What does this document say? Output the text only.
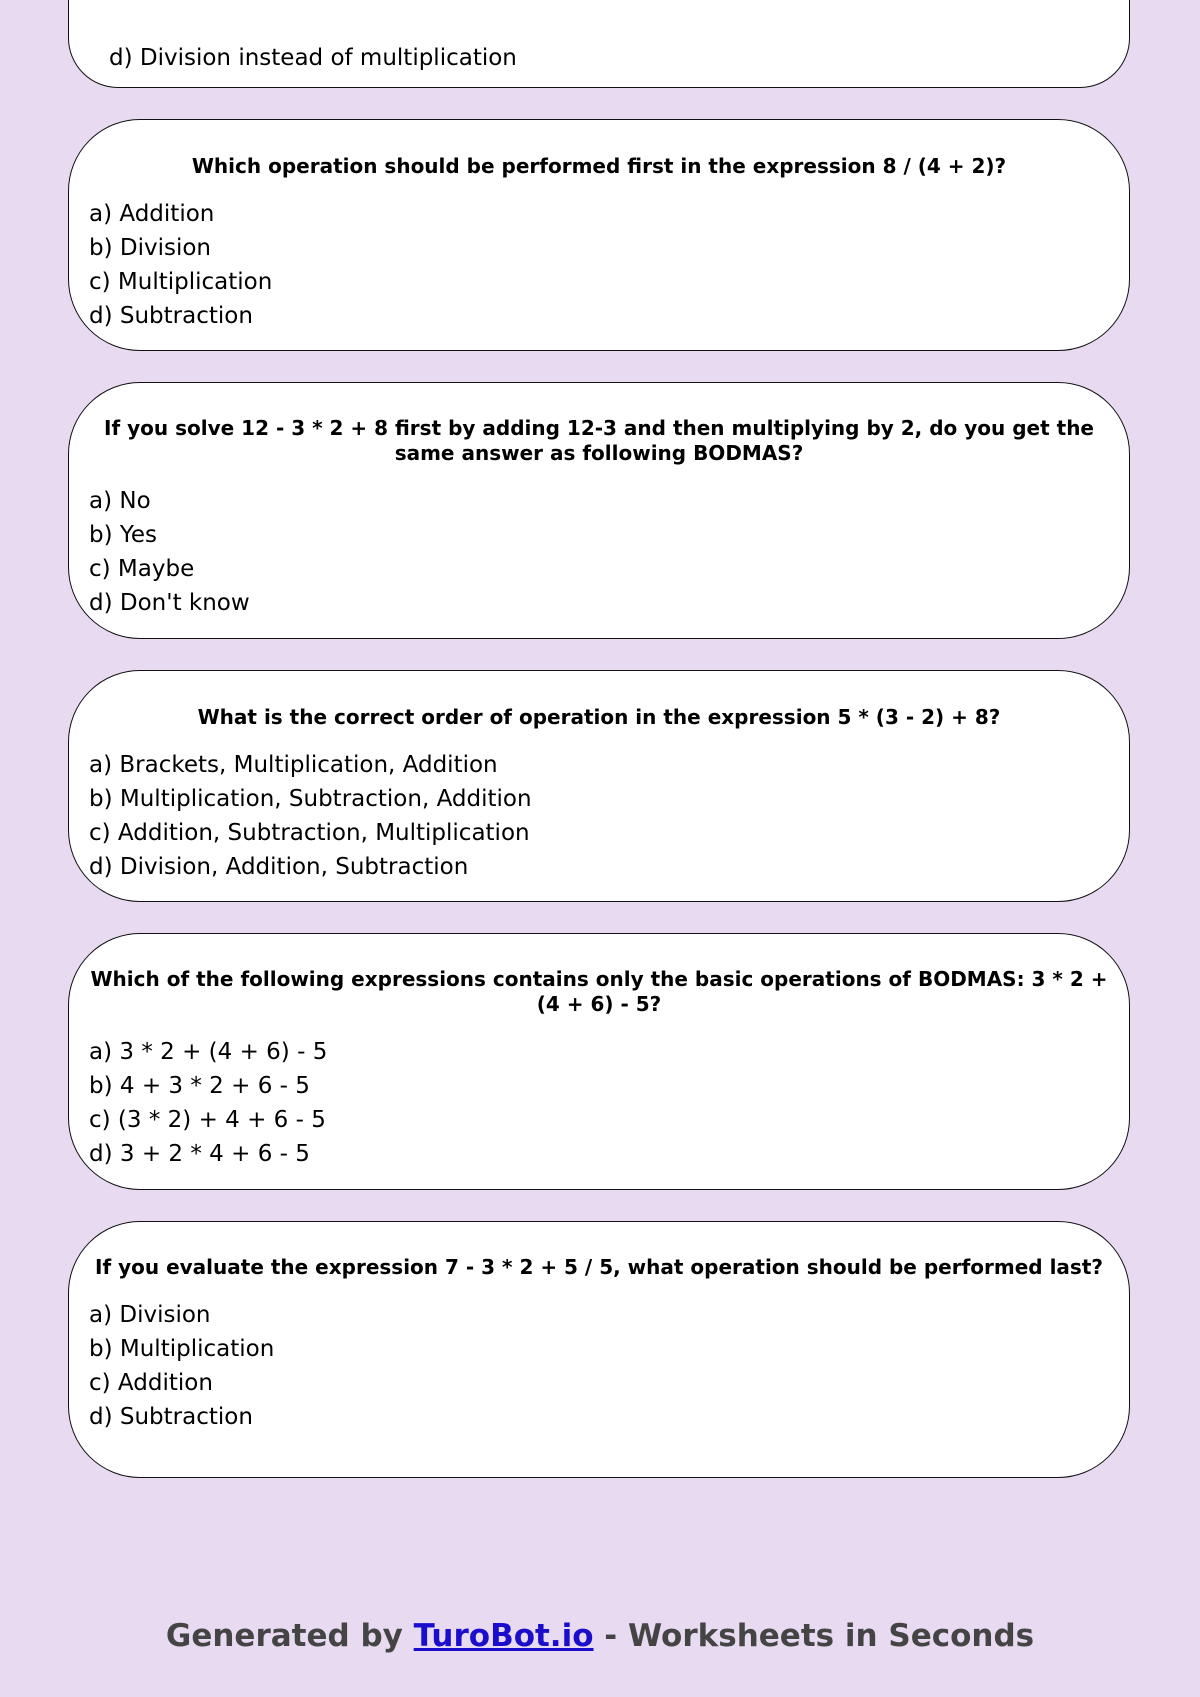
d) Division instead of multiplication

Which operation should be performed first in the expression 8 / (4 + 2)?

a) Addition
b) Division
c) Multiplication
d) Subtraction

If you solve 12 - 3 * 2 + 8 first by adding 12-3 and then multiplying by 2, do you get the same answer as following BODMAS?

a) No
b) Yes
c) Maybe
d) Don't know

What is the correct order of operation in the expression 5 * (3 - 2) + 8?

a) Brackets, Multiplication, Addition
b) Multiplication, Subtraction, Addition
c) Addition, Subtraction, Multiplication
d) Division, Addition, Subtraction

Which of the following expressions contains only the basic operations of BODMAS: 3 * 2 + (4 + 6) - 5?

a) 3 * 2 + (4 + 6) - 5
b) 4 + 3 * 2 + 6 - 5
c) (3 * 2) + 4 + 6 - 5
d) 3 + 2 * 4 + 6 - 5

If you evaluate the expression 7 - 3 * 2 + 5 / 5, what operation should be performed last?

a) Division
b) Multiplication
c) Addition
d) Subtraction
Generated by TuroBot.io - Worksheets in Seconds
